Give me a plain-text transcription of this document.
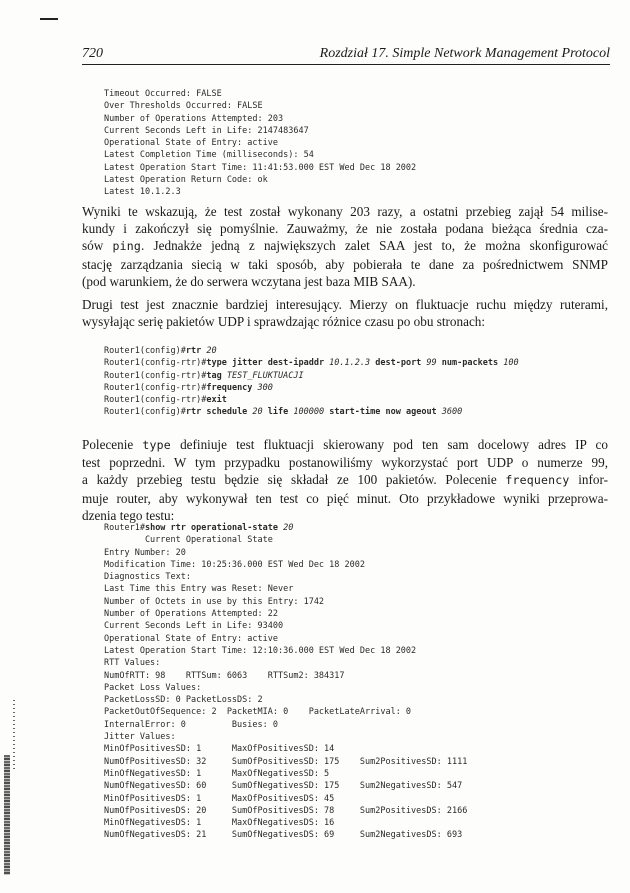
720	Rozdział 17. Simple Network Management Protocol
Timeout Occurred: FALSE
Over Thresholds Occurred: FALSE
Number of Operations Attempted: 203
Current Seconds Left in Life: 2147483647
Operational State of Entry: active
Latest Completion Time (milliseconds): 54
Latest Operation Start Time: 11:41:53.000 EST Wed Dec 18 2002
Latest Operation Return Code: ok
Latest 10.1.2.3

Wyniki te wskazują, że test został wykonany 203 razy, a ostatni przebieg zajął 54 milise-
kundy i zakończył się pomyślnie. Zauważmy, że nie została podana bieżąca średnia cza-
sów ping. Jednakże jedną z największych zalet SAA jest to, że można skonfigurować
stację zarządzania siecią w taki sposób, aby pobierała te dane za pośrednictwem SNMP
(pod warunkiem, że do serwera wczytana jest baza MIB SAA).

Drugi test jest znacznie bardziej interesujący. Mierzy on fluktuacje ruchu między ruterami,
wysyłając serię pakietów UDP i sprawdzając różnice czasu po obu stronach:

Router1(config)#rtr 20
Router1(config-rtr)#type jitter dest-ipaddr 10.1.2.3 dest-port 99 num-packets 100
Router1(config-rtr)#tag TEST_FLUKTUACJI
Router1(config-rtr)#frequency 300
Router1(config-rtr)#exit
Router1(config)#rtr schedule 20 life 100000 start-time now ageout 3600

Polecenie type definiuje test fluktuacji skierowany pod ten sam docelowy adres IP co
test poprzedni. W tym przypadku postanowiliśmy wykorzystać port UDP o numerze 99,
a każdy przebieg testu będzie się składał ze 100 pakietów. Polecenie frequency infor-
muje router, aby wykonywał ten test co pięć minut. Oto przykładowe wyniki przeprowa-
dzenia tego testu:

Router1#show rtr operational-state 20
Current Operational State
Entry Number: 20
Modification Time: 10:25:36.000 EST Wed Dec 18 2002
Diagnostics Text:
Last Time this Entry was Reset: Never
Number of Octets in use by this Entry: 1742
Number of Operations Attempted: 22
Current Seconds Left in Life: 93400
Operational State of Entry: active
Latest Operation Start Time: 12:10:36.000 EST Wed Dec 18 2002
RTT Values:
NumOfRTT: 98    RTTSum: 6063    RTTSum2: 384317
Packet Loss Values:
PacketLossSD: 0 PacketLossDS: 2
PacketOutOfSequence: 2  PacketMIA: 0    PacketLateArrival: 0
InternalError: 0         Busies: 0
Jitter Values:
MinOfPositivesSD: 1      MaxOfPositivesSD: 14
NumOfPositivesSD: 32     SumOfPositivesSD: 175    Sum2PositivesSD: 1111
MinOfNegativesSD: 1      MaxOfNegativesSD: 5
NumOfNegativesSD: 60     SumOfNegativesSD: 175    Sum2NegativesSD: 547
MinOfPositivesDS: 1      MaxOfPositivesDS: 45
NumOfPositivesDS: 20     SumOfPositivesDS: 78     Sum2PositivesDS: 2166
MinOfNegativesDS: 1      MaxOfNegativesDS: 16
NumOfNegativesDS: 21     SumOfNegativesDS: 69     Sum2NegativesDS: 693
